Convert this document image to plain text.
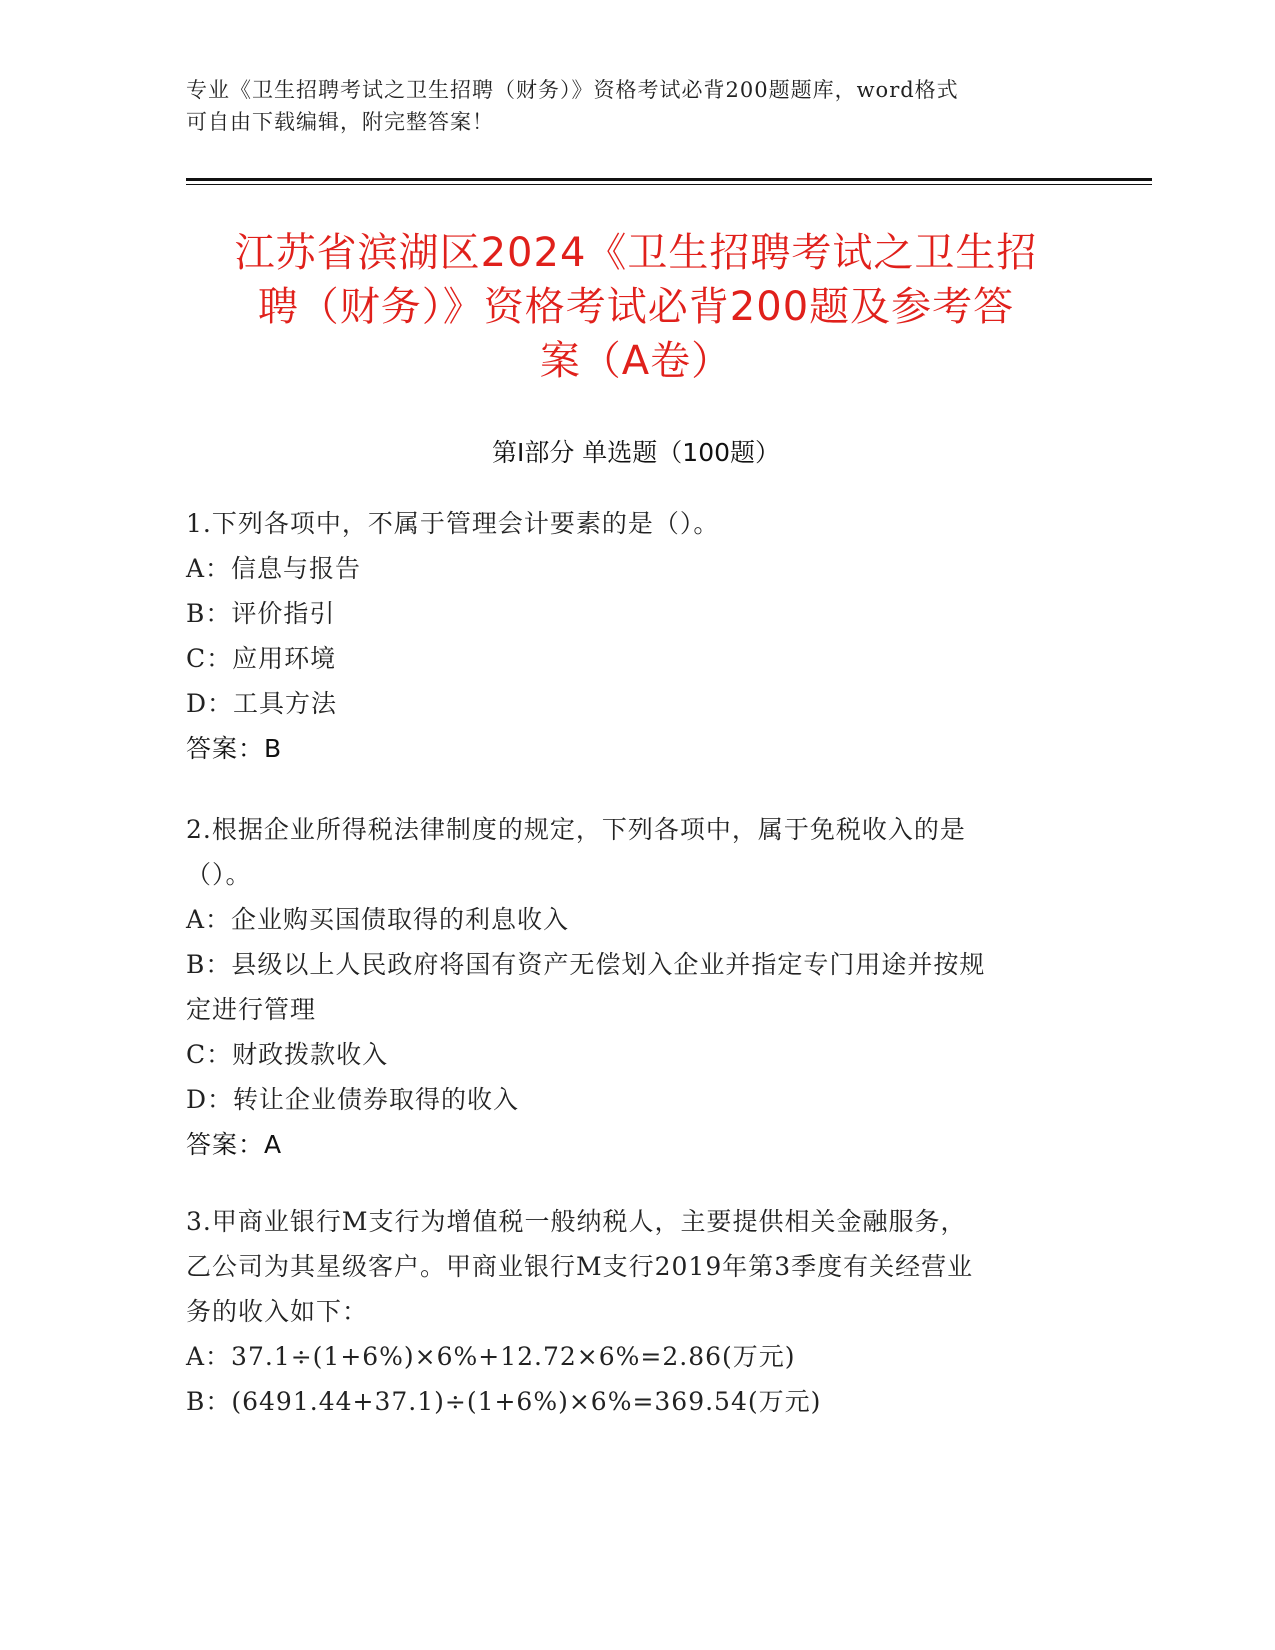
专业《卫生招聘考试之卫生招聘（财务）》资格考试必背200题题库，word格式
可自由下载编辑，附完整答案！
江苏省滨湖区2024《卫生招聘考试之卫生招
聘（财务）》资格考试必背200题及参考答
案（A卷）
第Ⅰ部分 单选题（100题）
1.下列各项中，不属于管理会计要素的是（）。
A：信息与报告
B：评价指引
C：应用环境
D：工具方法
答案：B
2.根据企业所得税法律制度的规定，下列各项中，属于免税收入的是
（）。
A：企业购买国债取得的利息收入
B：县级以上人民政府将国有资产无偿划入企业并指定专门用途并按规
定进行管理
C：财政拨款收入
D：转让企业债券取得的收入
答案：A
3.甲商业银行M支行为增值税一般纳税人，主要提供相关金融服务，
乙公司为其星级客户。甲商业银行M支行2019年第3季度有关经营业
务的收入如下：
A：37.1÷(1+6%)×6%+12.72×6%=2.86(万元)
B：(6491.44+37.1)÷(1+6%)×6%=369.54(万元)
